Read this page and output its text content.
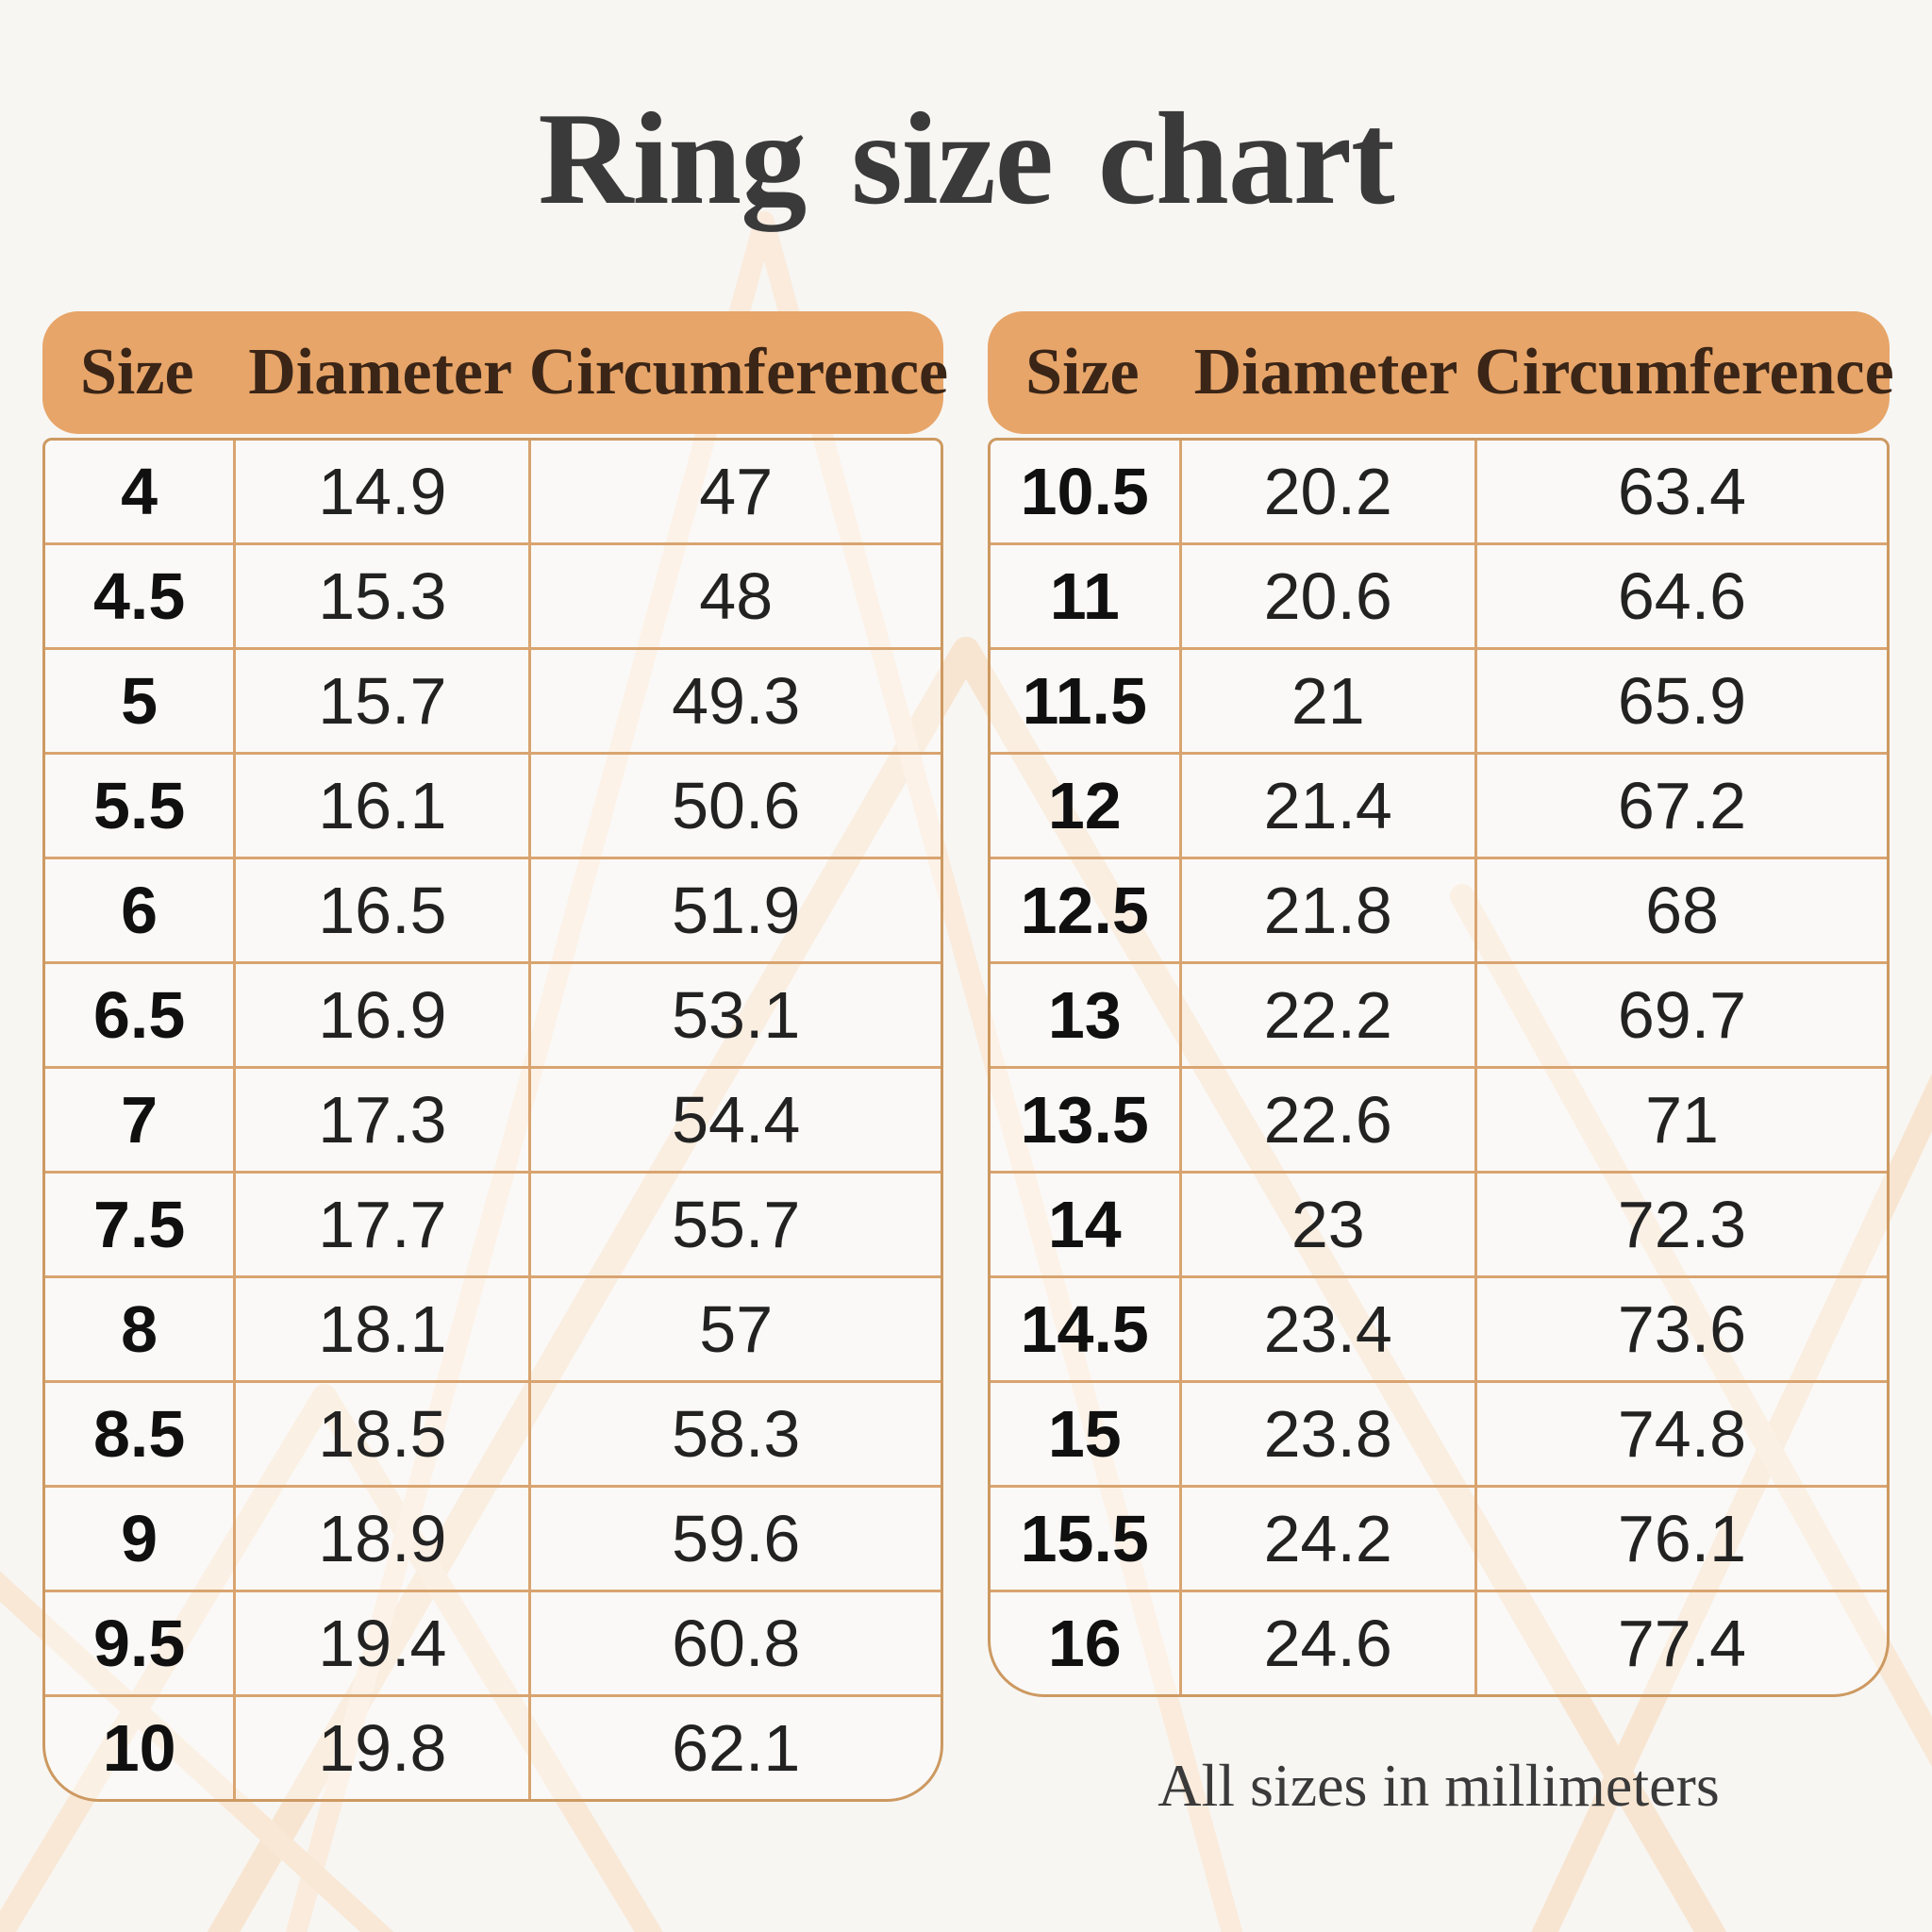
Ring size chart
Size Diameter Circumference
4	14.9	47
4.5	15.3	48
5	15.7	49.3
5.5	16.1	50.6
6	16.5	51.9
6.5	16.9	53.1
7	17.3	54.4
7.5	17.7	55.7
8	18.1	57
8.5	18.5	58.3
9	18.9	59.6
9.5	19.4	60.8
10	19.8	62.1
Size Diameter Circumference
10.5	20.2	63.4
11	20.6	64.6
11.5	21	65.9
12	21.4	67.2
12.5	21.8	68
13	22.2	69.7
13.5	22.6	71
14	23	72.3
14.5	23.4	73.6
15	23.8	74.8
15.5	24.2	76.1
16	24.6	77.4

All sizes in millimeters
